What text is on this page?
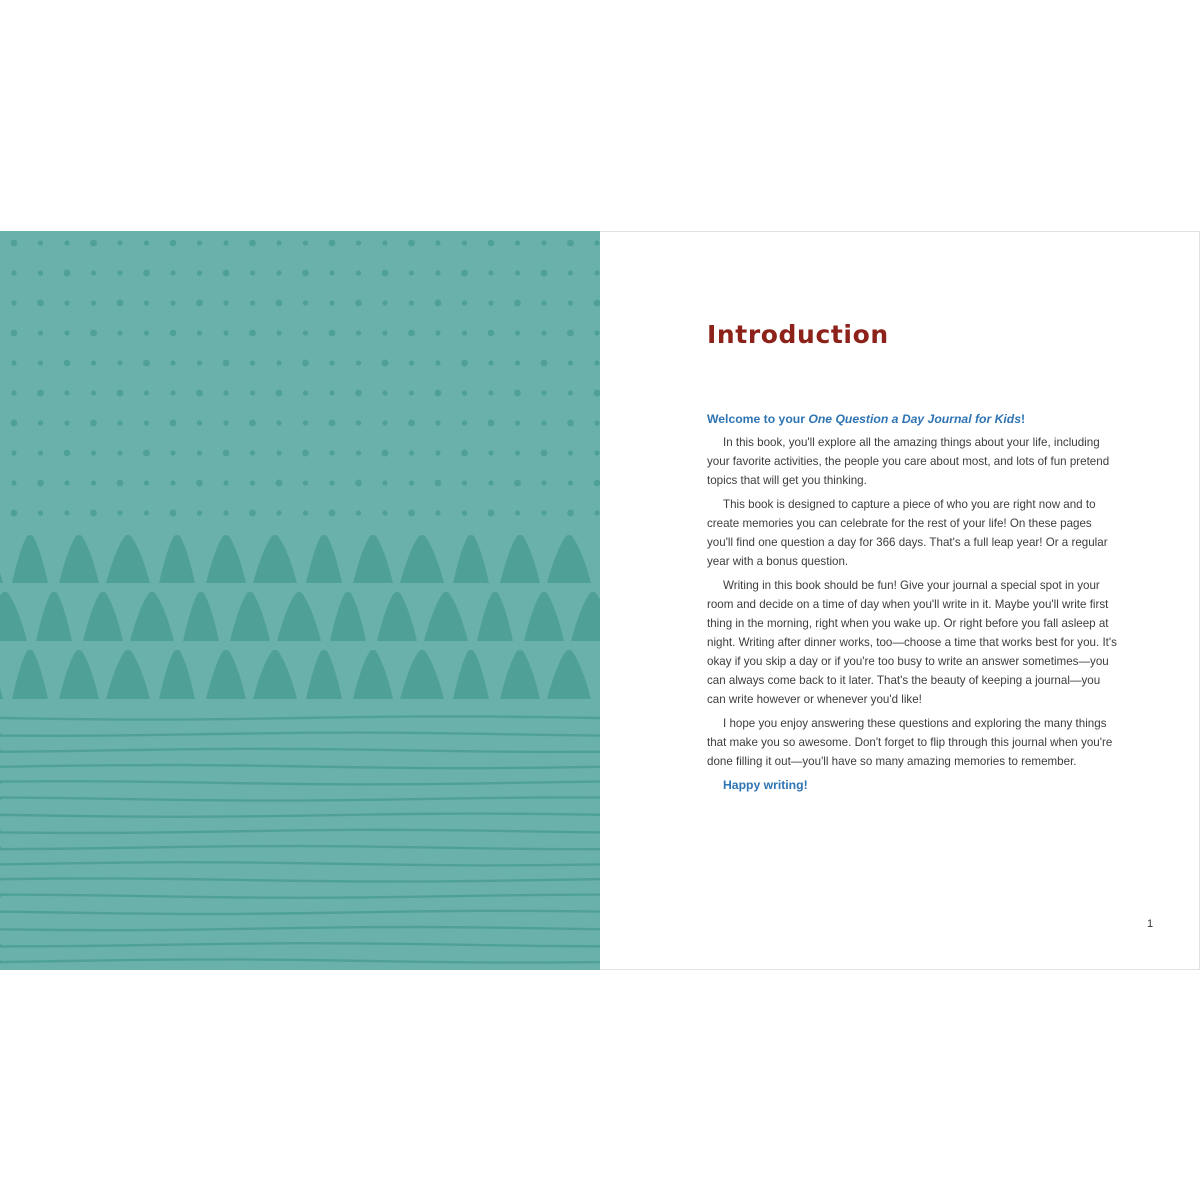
Introduction

Welcome to your One Question a Day Journal for Kids!

In this book, you'll explore all the amazing things about your life, including your favorite activities, the people you care about most, and lots of fun pretend topics that will get you thinking.

This book is designed to capture a piece of who you are right now and to create memories you can celebrate for the rest of your life! On these pages you'll find one question a day for 366 days. That's a full leap year! Or a regular year with a bonus question.

Writing in this book should be fun! Give your journal a special spot in your room and decide on a time of day when you'll write in it. Maybe you'll write first thing in the morning, right when you wake up. Or right before you fall asleep at night. Writing after dinner works, too—choose a time that works best for you. It's okay if you skip a day or if you're too busy to write an answer sometimes—you can always come back to it later. That's the beauty of keeping a journal—you can write however or whenever you'd like!

I hope you enjoy answering these questions and exploring the many things that make you so awesome. Don't forget to flip through this journal when you're done filling it out—you'll have so many amazing memories to remember.

Happy writing!

1
